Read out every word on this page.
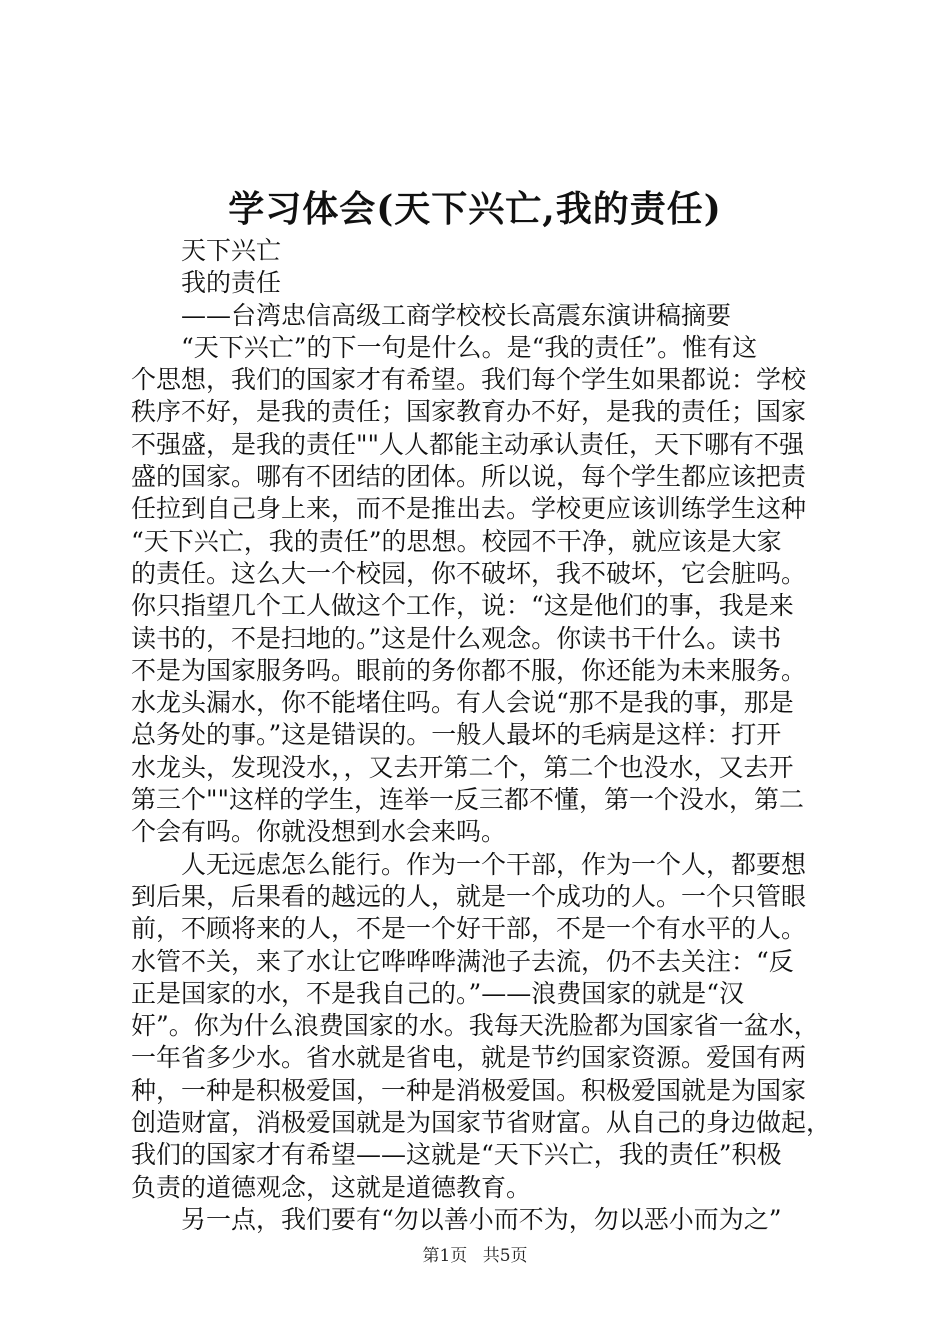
学习体会(天下兴亡,我的责任)
天下兴亡
我的责任
——台湾忠信高级工商学校校长高震东演讲稿摘要
“天下兴亡”的下一句是什么。是“我的责任”。惟有这
个思想，我们的国家才有希望。我们每个学生如果都说：学校
秩序不好，是我的责任；国家教育办不好，是我的责任；国家
不强盛，是我的责任""人人都能主动承认责任，天下哪有不强
盛的国家。哪有不团结的团体。所以说，每个学生都应该把责
任拉到自己身上来，而不是推出去。学校更应该训练学生这种
“天下兴亡，我的责任”的思想。校园不干净，就应该是大家
的责任。这么大一个校园，你不破坏，我不破坏，它会脏吗。
你只指望几个工人做这个工作，说：“这是他们的事，我是来
读书的，不是扫地的。”这是什么观念。你读书干什么。读书
不是为国家服务吗。眼前的务你都不服，你还能为未来服务。
水龙头漏水，你不能堵住吗。有人会说“那不是我的事，那是
总务处的事。”这是错误的。一般人最坏的毛病是这样：打开
水龙头，发现没水，，又去开第二个，第二个也没水，又去开
第三个""这样的学生，连举一反三都不懂，第一个没水，第二
个会有吗。你就没想到水会来吗。
人无远虑怎么能行。作为一个干部，作为一个人，都要想
到后果，后果看的越远的人，就是一个成功的人。一个只管眼
前，不顾将来的人，不是一个好干部，不是一个有水平的人。
水管不关，来了水让它哗哗哗满池子去流，仍不去关注：“反
正是国家的水，不是我自己的。”——浪费国家的就是“汉
奸”。你为什么浪费国家的水。我每天洗脸都为国家省一盆水，
一年省多少水。省水就是省电，就是节约国家资源。爱国有两
种，一种是积极爱国，一种是消极爱国。积极爱国就是为国家
创造财富，消极爱国就是为国家节省财富。从自己的身边做起，
我们的国家才有希望——这就是“天下兴亡，我的责任”积极
负责的道德观念，这就是道德教育。
另一点，我们要有“勿以善小而不为，勿以恶小而为之”
第1页 共5页
